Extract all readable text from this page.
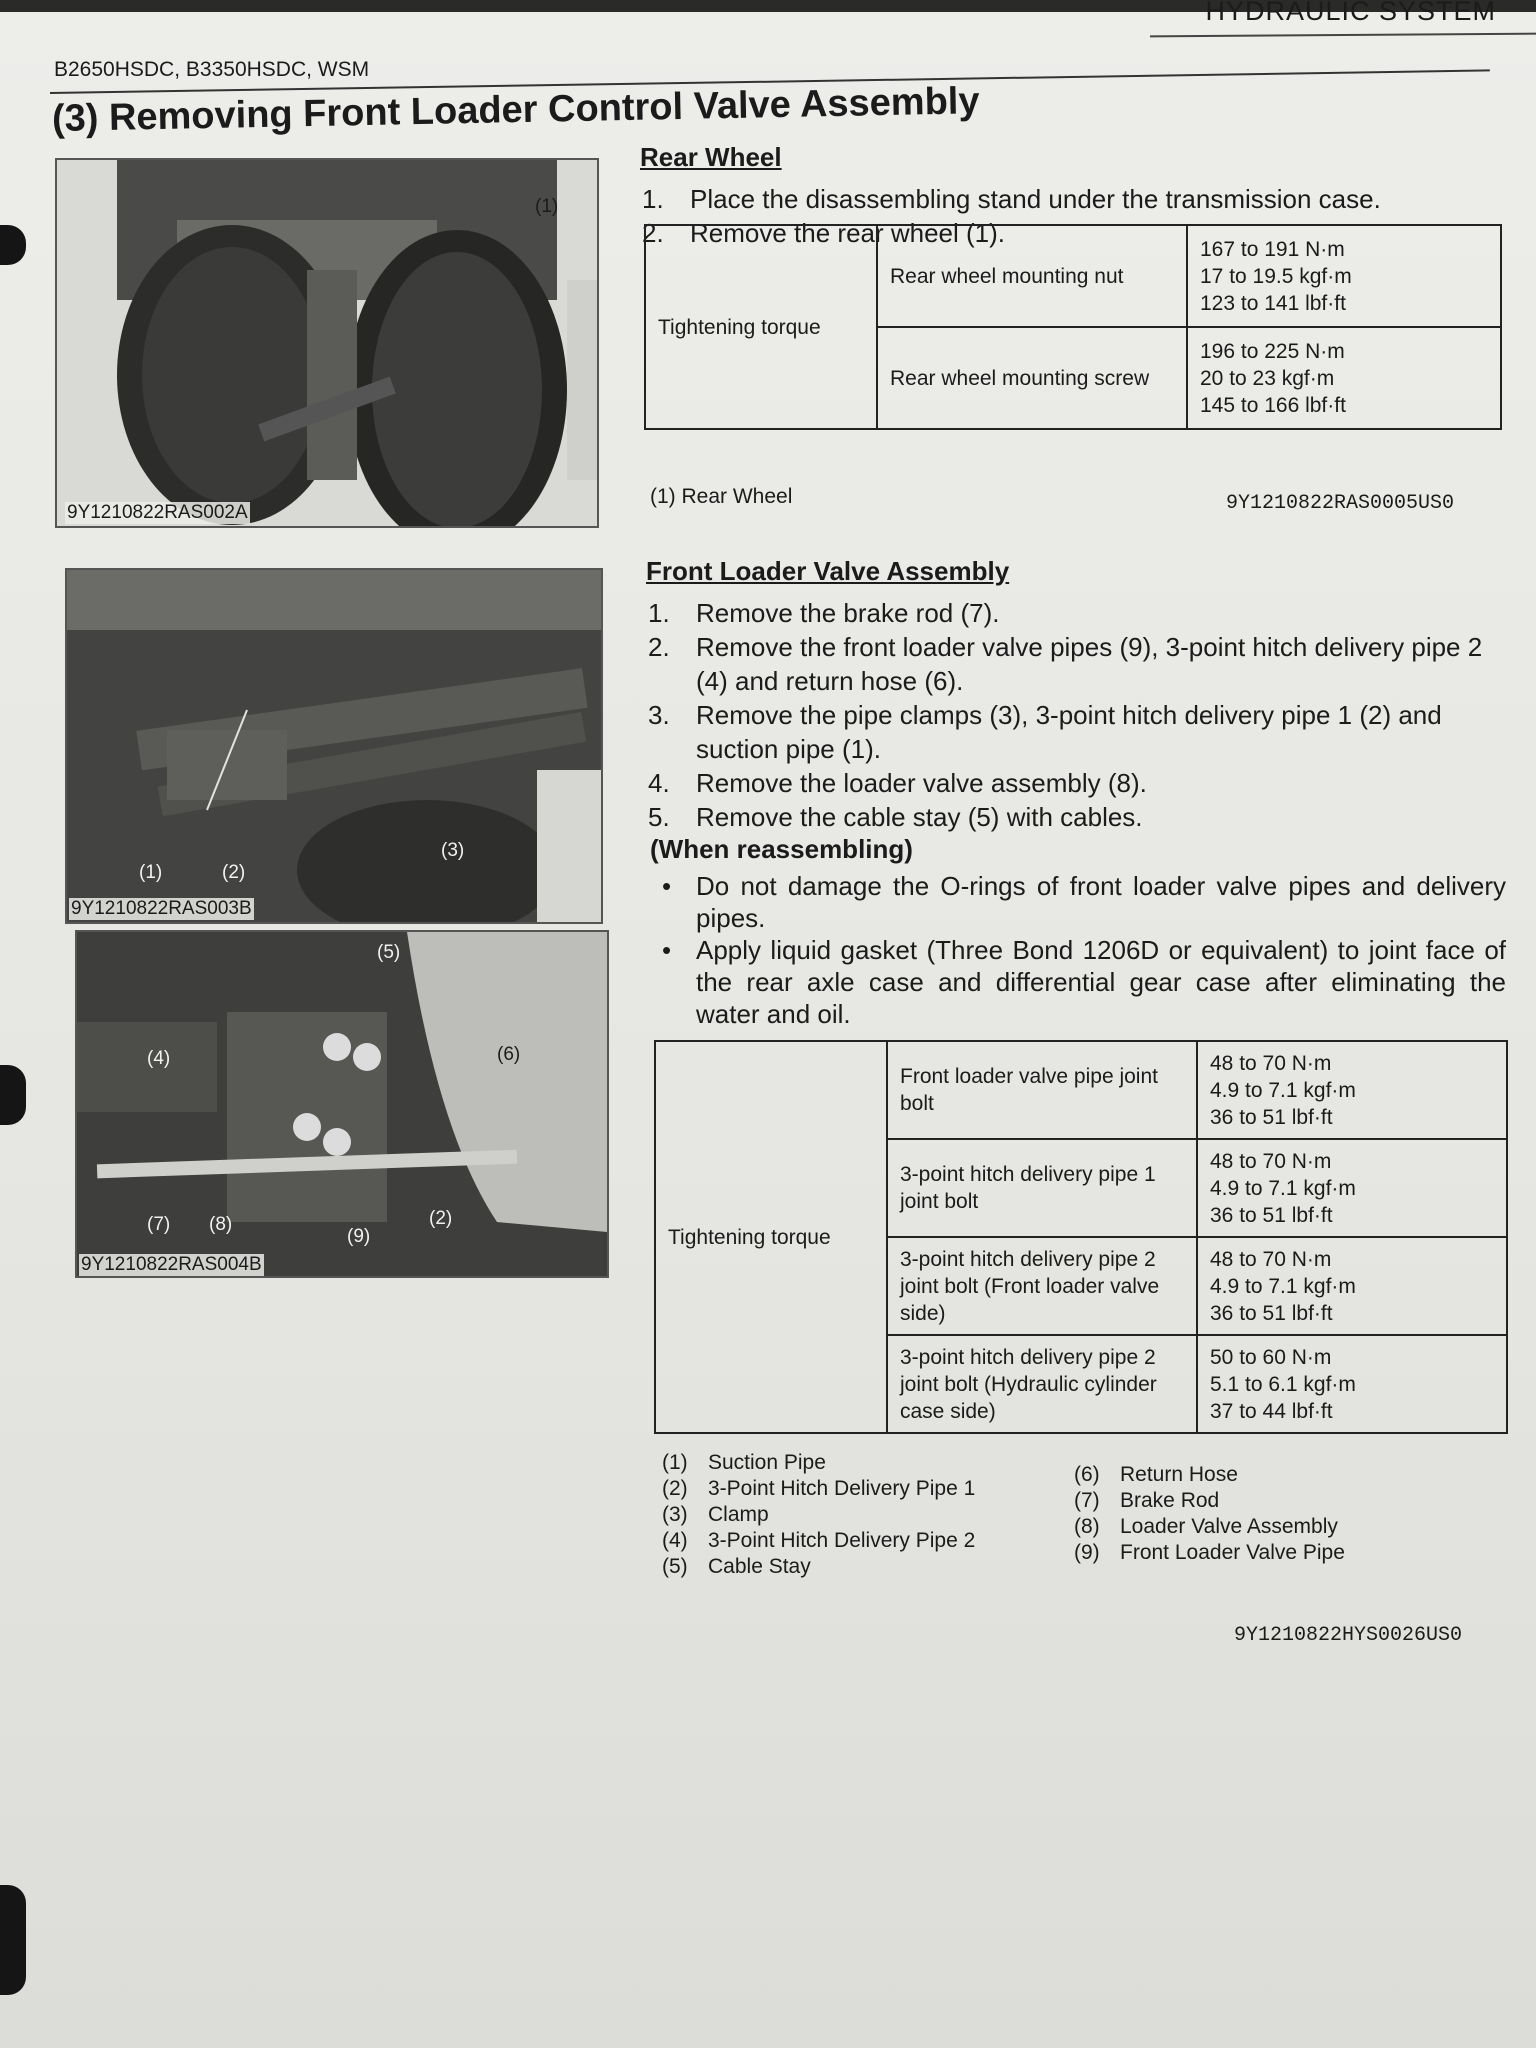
HYDRAULIC SYSTEM
B2650HSDC, B3350HSDC, WSM
(3) Removing Front Loader Control Valve Assembly
(1)
9Y1210822RAS002A
(1)	(2)
(3)
9Y1210822RAS003B
(5)
(4)	(6)
(7) (8)
(9)
(2)
9Y1210822RAS004B
Rear Wheel
1. Place the disassembling stand under the transmission case.
2. Remove the rear wheel (1).
Tightening torque	Rear wheel mounting nut	167 to 191 N·m
17 to 19.5 kgf·m
123 to 141 lbf·ft

	Rear wheel mounting screw	196 to 225 N·m
20 to 23 kgf·m
145 to 166 lbf·ft
(1) Rear Wheel	9Y1210822RAS0005US0
Front Loader Valve Assembly
1. Remove the brake rod (7).
2. Remove the front loader valve pipes (9), 3-point hitch delivery pipe 2 (4) and return hose (6).
3. Remove the pipe clamps (3), 3-point hitch delivery pipe 1 (2) and suction pipe (1).
4. Remove the loader valve assembly (8).
5. Remove the cable stay (5) with cables.
(When reassembling)
• Do not damage the O-rings of front loader valve pipes and delivery pipes.
• Apply liquid gasket (Three Bond 1206D or equivalent) to joint face of the rear axle case and differential gear case after eliminating the water and oil.
Tightening torque	Front loader valve pipe joint bolt	48 to 70 N·m
4.9 to 7.1 kgf·m
36 to 51 lbf·ft

	3-point hitch delivery pipe 1 joint bolt	48 to 70 N·m
4.9 to 7.1 kgf·m
36 to 51 lbf·ft

	3-point hitch delivery pipe 2 joint bolt (Front loader valve side)	48 to 70 N·m
4.9 to 7.1 kgf·m
36 to 51 lbf·ft

	3-point hitch delivery pipe 2 joint bolt (Hydraulic cylinder case side)	50 to 60 N·m
5.1 to 6.1 kgf·m
37 to 44 lbf·ft
(1) Suction Pipe
(2) 3-Point Hitch Delivery Pipe 1
(3) Clamp
(4) 3-Point Hitch Delivery Pipe 2
(5) Cable Stay
(6) Return Hose
(7) Brake Rod
(8) Loader Valve Assembly
(9) Front Loader Valve Pipe
9Y1210822HYS0026US0
